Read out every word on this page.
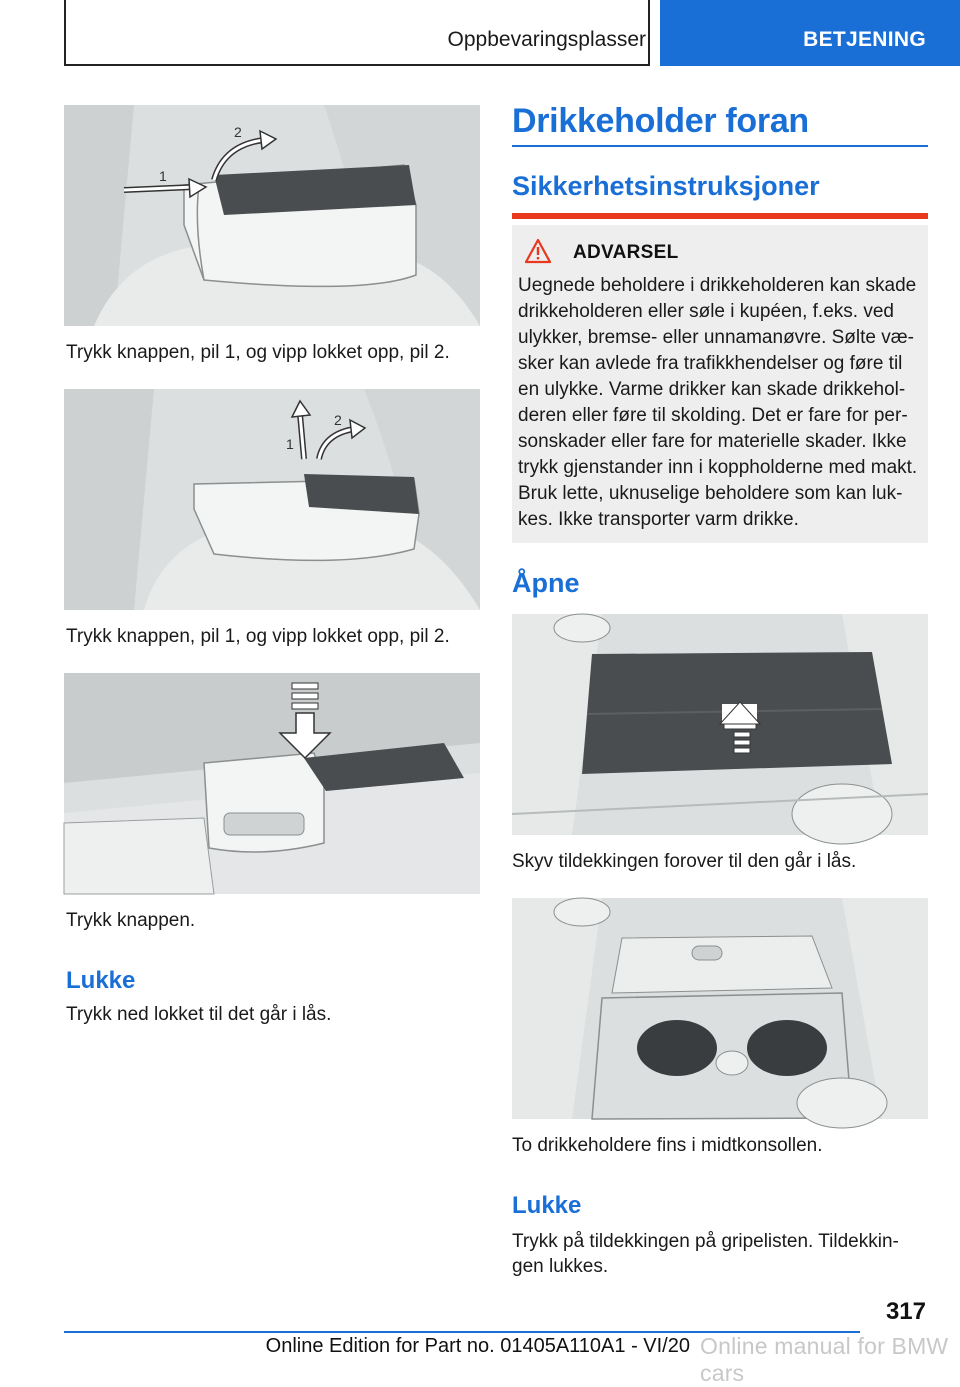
Oppbevaringsplasser	BETJENING
1
2
Trykk knappen, pil 1, og vipp lokket opp, pil 2.
1
2
Trykk knappen, pil 1, og vipp lokket opp, pil 2.
Trykk knappen.
Lukke
Trykk ned lokket til det går i lås.
Drikkeholder foran
Sikkerhetsinstruksjoner
ADVARSEL
Uegnede beholdere i drikkeholderen kan skade
drikkeholderen eller søle i kupéen, f.eks. ved
ulykker, bremse- eller unnamanøvre. Sølte væ-
sker kan avlede fra trafikkhendelser og føre til
en ulykke. Varme drikker kan skade drikkehol-
deren eller føre til skolding. Det er fare for per-
sonskader eller fare for materielle skader. Ikke
trykk gjenstander inn i koppholderne med makt.
Bruk lette, uknuselige beholdere som kan luk-
kes. Ikke transporter varm drikke.
Åpne
Skyv tildekkingen forover til den går i lås.
To drikkeholdere fins i midtkonsollen.
Lukke
Trykk på tildekkingen på gripelisten. Tildekkin-
gen lukkes.
317
Online Edition for Part no. 01405A110A1 - VI/20 Online manual for BMW cars
